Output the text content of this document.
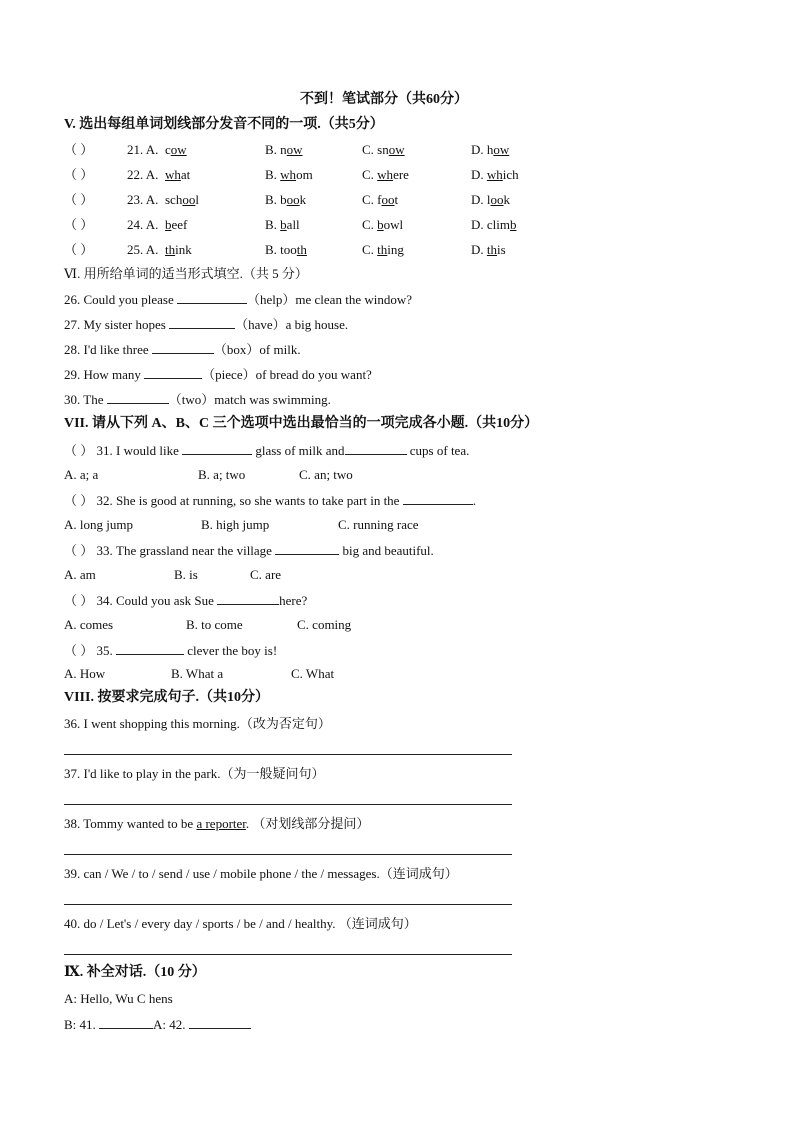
不到！笔试部分（共60分）
V. 选出每组单词划线部分发音不同的一项.（共5分）
（ ）	21. A. cow	B. now	C. snow	D. how
（ ）	22. A. what	B. whom	C. where	D. which
（ ）	23. A. school	B. book	C. foot	D. look
（ ）	24. A. beef	B. ball	C. bowl	D. climb
（ ）	25. A. think	B. tooth	C. thing	D. this
Ⅵ. 用所给单词的适当形式填空.（共 5 分）
26. Could you please	（help）me clean the window?
27. My sister hopes	（have）a big house.
28. I'd like three	（box）of milk.
29. How many	（piece）of bread do you want?
30. The	（two）match was swimming.
VII. 请从下列 A、B、C 三个选项中选出最恰当的一项完成各小题.（共10分）
（ ） 31. I would like	glass of milk and	cups of tea.
A. a; a	B. a; two	C. an; two
（ ） 32. She is good at running, so she wants to take part in the	.
A. long jump	B. high jump	C. running race
（ ） 33. The grassland near the village	big and beautiful.
A. am	B. is	C. are
（ ） 34. Could you ask Sue	here?
A. comes	B. to come	C. coming
（ ） 35.	clever the boy is!
A. How	B. What a	C. What
VIII. 按要求完成句子.（共10分）
36. I went shopping this morning.（改为否定句）
37. I'd like to play in the park.（为一般疑问句）
38. Tommy wanted to be a reporter. （对划线部分提问）
39. can / We / to / send / use / mobile phone / the / messages.（连词成句）
40. do / Let's / every day / sports / be / and / healthy. （连词成句）
Ⅸ. 补全对话.（10 分）
A: Hello, Wu C hens
B: 41.	A: 42.
